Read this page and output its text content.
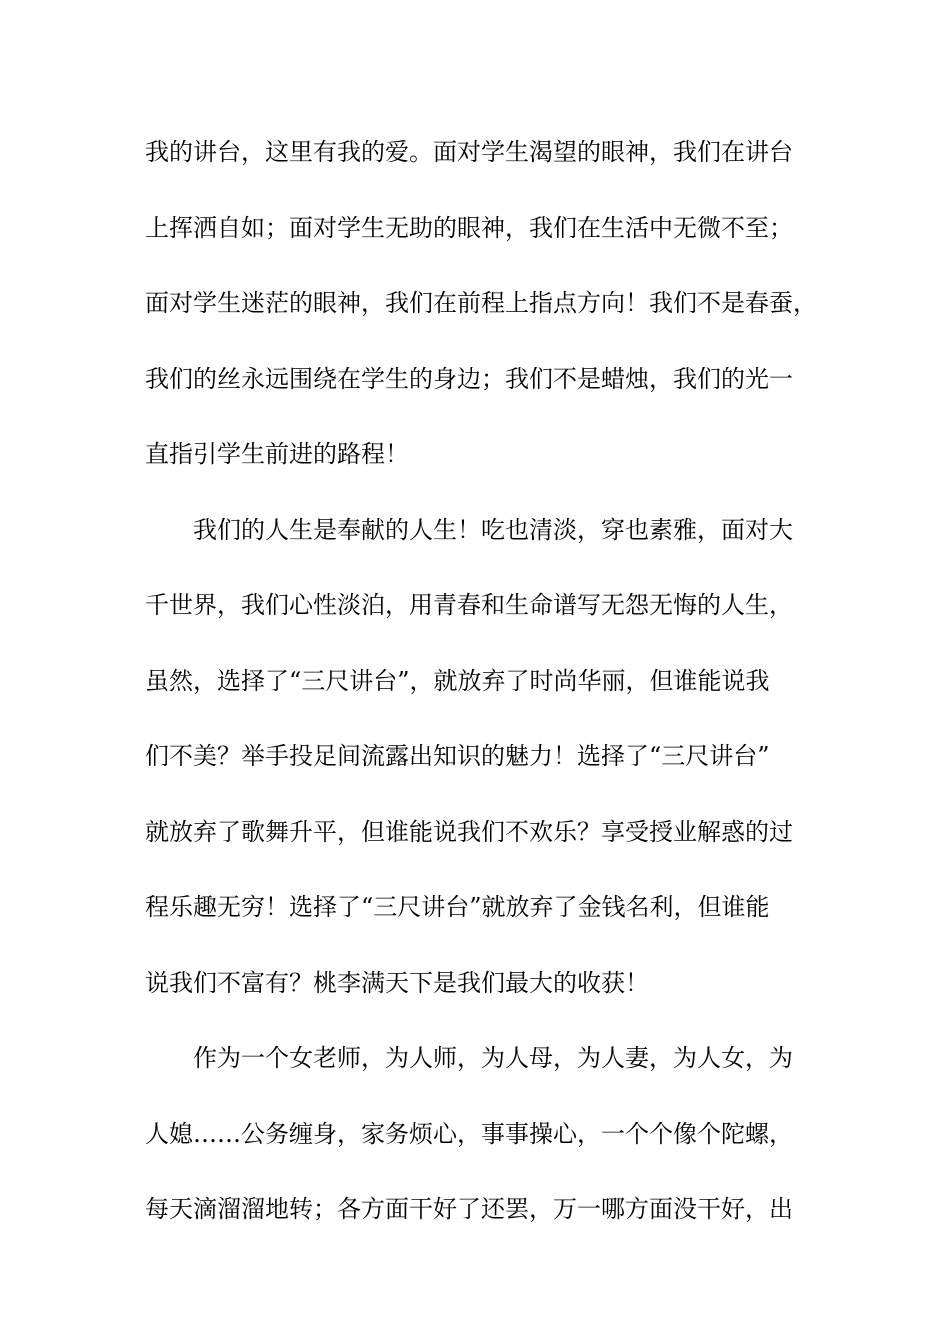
我的讲台，这里有我的爱。面对学生渴望的眼神，我们在讲台
上挥洒自如；面对学生无助的眼神，我们在生活中无微不至；
面对学生迷茫的眼神，我们在前程上指点方向！我们不是春蚕，
我们的丝永远围绕在学生的身边；我们不是蜡烛，我们的光一
直指引学生前进的路程！
我们的人生是奉献的人生！吃也清淡，穿也素雅，面对大
千世界，我们心性淡泊，用青春和生命谱写无怨无悔的人生，
虽然，选择了“三尺讲台”，就放弃了时尚华丽，但谁能说我
们不美？举手投足间流露出知识的魅力！选择了“三尺讲台”
就放弃了歌舞升平，但谁能说我们不欢乐？享受授业解惑的过
程乐趣无穷！选择了“三尺讲台”就放弃了金钱名利，但谁能
说我们不富有？桃李满天下是我们最大的收获！
作为一个女老师，为人师，为人母，为人妻，为人女，为
人媳……公务缠身，家务烦心，事事操心，一个个像个陀螺，
每天滴溜溜地转；各方面干好了还罢，万一哪方面没干好，出
